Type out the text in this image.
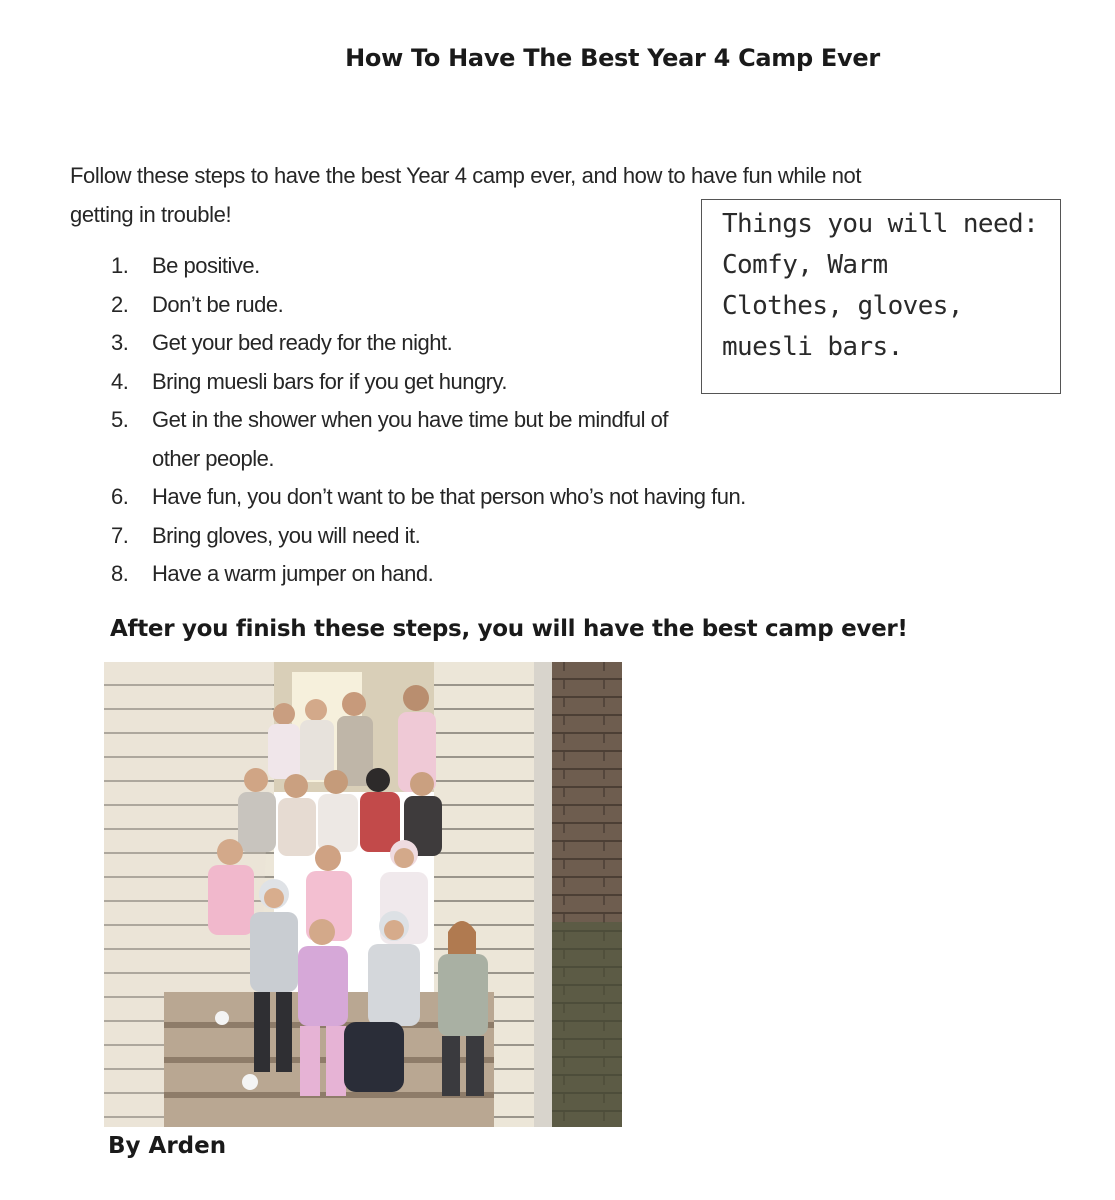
How To Have The Best Year 4 Camp Ever
Follow these steps to have the best Year 4 camp ever, and how to have fun while not
getting in trouble!	Things you will need:
Comfy, Warm
Clothes, gloves,
muesli bars.
1. Be positive.
2. Don’t be rude.
3. Get your bed ready for the night.
4. Bring muesli bars for if you get hungry.
5. Get in the shower when you have time but be mindful of other people.
6. Have fun, you don’t want to be that person who’s not having fun.
7. Bring gloves, you will need it.
8. Have a warm jumper on hand.
After you finish these steps, you will have the best camp ever!
By Arden
